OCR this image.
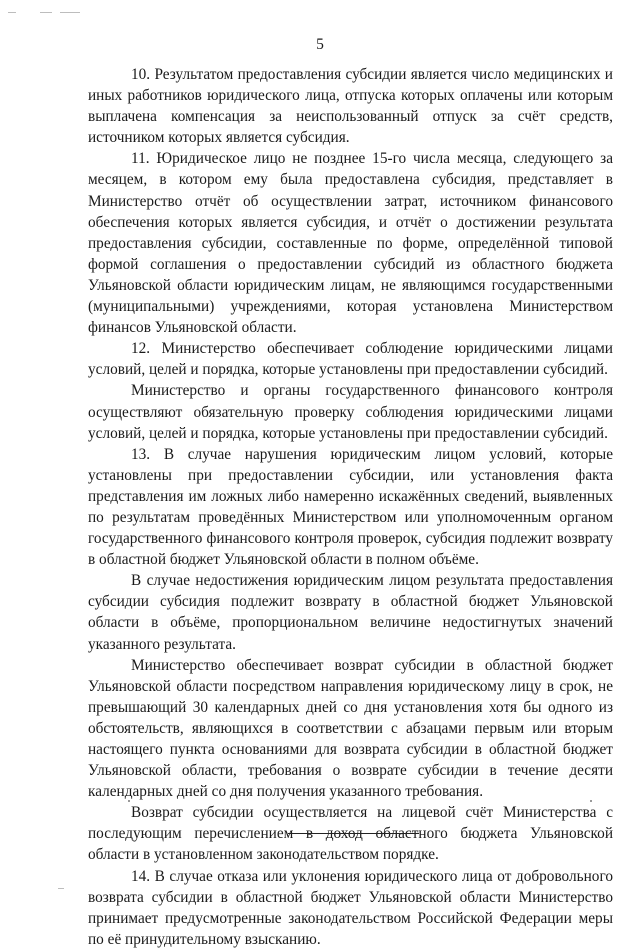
5

10. Результатом предоставления субсидии является число медицинских и иных работников юридического лица, отпуска которых оплачены или которым выплачена компенсация за неиспользованный отпуск за счёт средств, источником которых является субсидия.

11. Юридическое лицо не позднее 15-го числа месяца, следующего за месяцем, в котором ему была предоставлена субсидия, представляет в Министерство отчёт об осуществлении затрат, источником финансового обеспечения которых является субсидия, и отчёт о достижении результата предоставления субсидии, составленные по форме, определённой типовой формой соглашения о предоставлении субсидий из областного бюджета Ульяновской области юридическим лицам, не являющимся государственными (муниципальными) учреждениями, которая установлена Министерством финансов Ульяновской области.

12. Министерство обеспечивает соблюдение юридическими лицами условий, целей и порядка, которые установлены при предоставлении субсидий.

Министерство и органы государственного финансового контроля осуществляют обязательную проверку соблюдения юридическими лицами условий, целей и порядка, которые установлены при предоставлении субсидий.

13. В случае нарушения юридическим лицом условий, которые установлены при предоставлении субсидии, или установления факта представления им ложных либо намеренно искажённых сведений, выявленных по результатам проведённых Министерством или уполномоченным органом государственного финансового контроля проверок, субсидия подлежит возврату в областной бюджет Ульяновской области в полном объёме.

В случае недостижения юридическим лицом результата предоставления субсидии субсидия подлежит возврату в областной бюджет Ульяновской области в объёме, пропорциональном величине недостигнутых значений указанного результата.

Министерство обеспечивает возврат субсидии в областной бюджет Ульяновской области посредством направления юридическому лицу в срок, не превышающий 30 календарных дней со дня установления хотя бы одного из обстоятельств, являющихся в соответствии с абзацами первым или вторым настоящего пункта основаниями для возврата субсидии в областной бюджет Ульяновской области, требования о возврате субсидии в течение десяти календарных дней со дня получения указанного требования.

Возврат субсидии осуществляется на лицевой счёт Министерства с последующим перечислением в доход областного бюджета Ульяновской области в установленном законодательством порядке.

14. В случае отказа или уклонения юридического лица от добровольного возврата субсидии в областной бюджет Ульяновской области Министерство принимает предусмотренные законодательством Российской Федерации меры по её принудительному взысканию.
